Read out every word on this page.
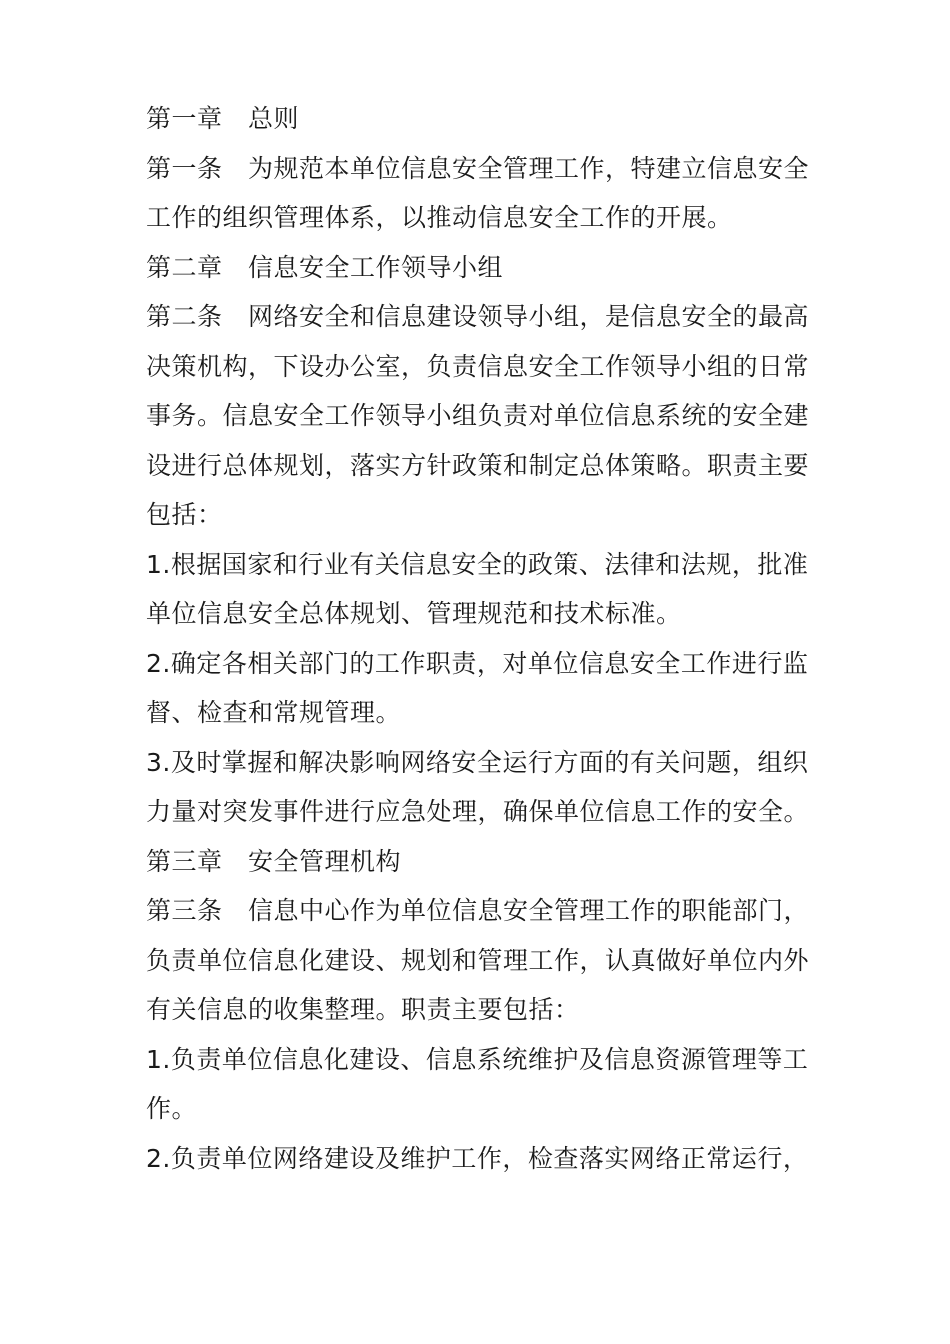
第一章　总则
第一条　为规范本单位信息安全管理工作，特建立信息安全
工作的组织管理体系，以推动信息安全工作的开展。
第二章　信息安全工作领导小组
第二条　网络安全和信息建设领导小组，是信息安全的最高
决策机构，下设办公室，负责信息安全工作领导小组的日常
事务。信息安全工作领导小组负责对单位信息系统的安全建
设进行总体规划，落实方针政策和制定总体策略。职责主要
包括：
1.根据国家和行业有关信息安全的政策、法律和法规，批准
单位信息安全总体规划、管理规范和技术标准。
2.确定各相关部门的工作职责，对单位信息安全工作进行监
督、检查和常规管理。
3.及时掌握和解决影响网络安全运行方面的有关问题，组织
力量对突发事件进行应急处理，确保单位信息工作的安全。
第三章　安全管理机构
第三条　信息中心作为单位信息安全管理工作的职能部门，
负责单位信息化建设、规划和管理工作，认真做好单位内外
有关信息的收集整理。职责主要包括：
1.负责单位信息化建设、信息系统维护及信息资源管理等工
作。
2.负责单位网络建设及维护工作，检查落实网络正常运行，
